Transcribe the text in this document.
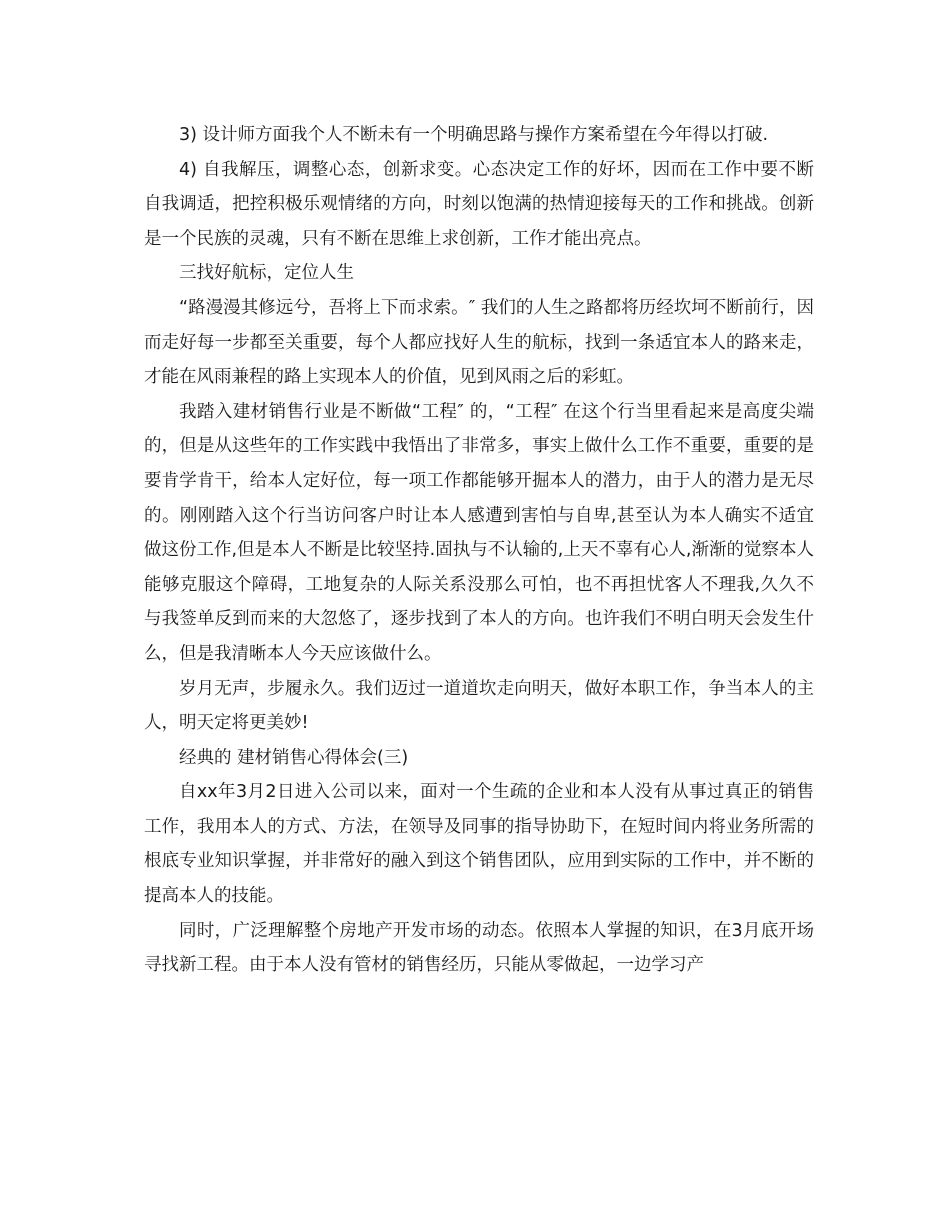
3) 设计师方面我个人不断未有一个明确思路与操作方案希望在今年得以打破.

4) 自我解压，调整心态，创新求变。心态决定工作的好坏，因而在工作中要不断自我调适，把控积极乐观情绪的方向，时刻以饱满的热情迎接每天的工作和挑战。创新是一个民族的灵魂，只有不断在思维上求创新，工作才能出亮点。

三找好航标，定位人生

“路漫漫其修远兮，吾将上下而求索。″ 我们的人生之路都将历经坎坷不断前行，因而走好每一步都至关重要，每个人都应找好人生的航标，找到一条适宜本人的路来走，才能在风雨兼程的路上实现本人的价值，见到风雨之后的彩虹。

我踏入建材销售行业是不断做“工程″ 的，“工程″ 在这个行当里看起来是高度尖端的，但是从这些年的工作实践中我悟出了非常多，事实上做什么工作不重要，重要的是要肯学肯干，给本人定好位，每一项工作都能够开掘本人的潜力，由于人的潜力是无尽的。刚刚踏入这个行当访问客户时让本人感遭到害怕与自卑,甚至认为本人确实不适宜做这份工作,但是本人不断是比较坚持.固执与不认输的,上天不辜有心人,渐渐的觉察本人能够克服这个障碍，工地复杂的人际关系没那么可怕，也不再担忧客人不理我,久久不与我签单反到而来的大忽悠了，逐步找到了本人的方向。也许我们不明白明天会发生什么，但是我清晰本人今天应该做什么。

岁月无声，步履永久。我们迈过一道道坎走向明天，做好本职工作，争当本人的主人，明天定将更美妙!

经典的 建材销售心得体会(三)

自xx年3月2日进入公司以来，面对一个生疏的企业和本人没有从事过真正的销售工作，我用本人的方式、方法，在领导及同事的指导协助下，在短时间内将业务所需的根底专业知识掌握，并非常好的融入到这个销售团队，应用到实际的工作中，并不断的提高本人的技能。

同时，广泛理解整个房地产开发市场的动态。依照本人掌握的知识，在3月底开场寻找新工程。由于本人没有管材的销售经历，只能从零做起，一边学习产
